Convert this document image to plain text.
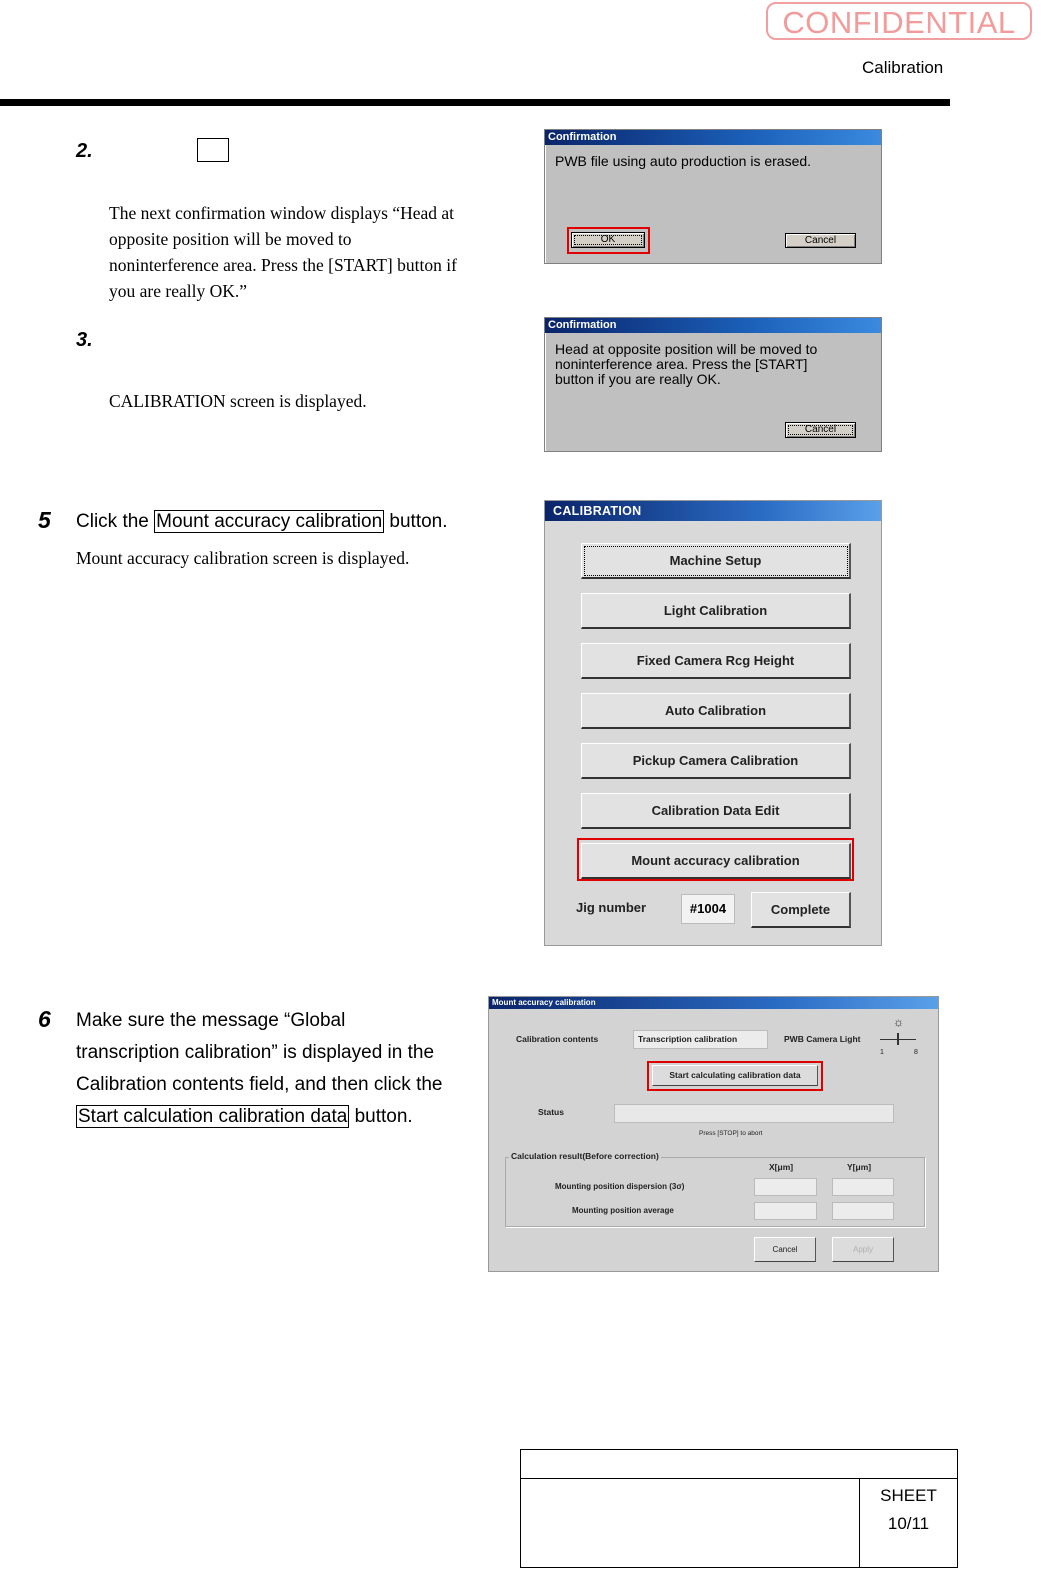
CONFIDENTIAL
Calibration
2.
The next confirmation window displays “Head at
opposite position will be moved to
noninterference area. Press the [START] button if
you are really OK.”
3.
CALIBRATION screen is displayed.
Confirmation
PWB file using auto production is erased.
OK	Cancel
Confirmation
Head at opposite position will be moved to
noninterference area. Press the [START]
button if you are really OK.
Cancel
5 Click the Mount accuracy calibration button.
Mount accuracy calibration screen is displayed.
CALIBRATION
Machine Setup
Light Calibration
Fixed Camera Rcg Height
Auto Calibration
Pickup Camera Calibration
Calibration Data Edit
Mount accuracy calibration
Jig number	#1004	Complete
6 Make sure the message “Global
transcription calibration” is displayed in the
Calibration contents field, and then click the
Start calculation calibration data button.
Mount accuracy calibration
Calibration contents	Transcription calibration	PWB Camera Light
☼
1	8
Start calculating calibration data
Status
Press [STOP] to abort
Calculation result(Before correction)
X[μm]	Y[μm]
Mounting position dispersion (3σ)
Mounting position average
Cancel	Apply
SHEET
10/11
